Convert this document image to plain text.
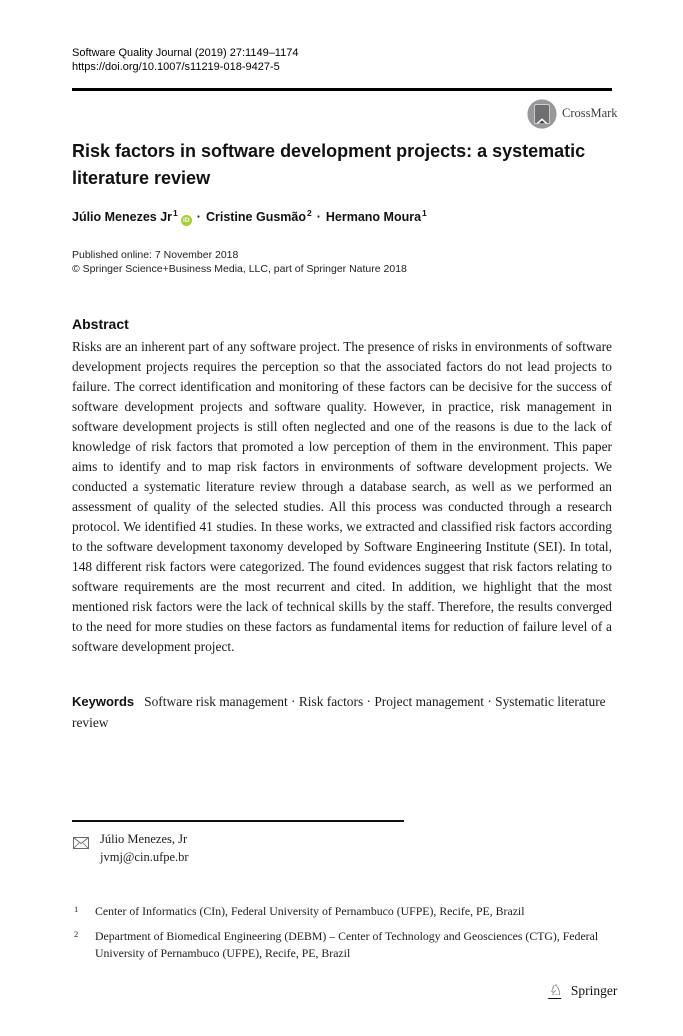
Software Quality Journal (2019) 27:1149–1174
https://doi.org/10.1007/s11219-018-9427-5
CrossMark
Risk factors in software development projects: a systematic literature review
Júlio Menezes $Jr^1iD$ · Cristine Gusmão$^2$ · Hermano Moura$^1$
Published online: 7 November 2018
© Springer Science+Business Media, LLC, part of Springer Nature 2018
Abstract
Risks are an inherent part of any software project. The presence of risks in environments of software development projects requires the perception so that the associated factors do not lead projects to failure. The correct identification and monitoring of these factors can be decisive for the success of software development projects and software quality. However, in practice, risk management in software development projects is still often neglected and one of the reasons is due to the lack of knowledge of risk factors that promoted a low perception of them in the environment. This paper aims to identify and to map risk factors in environments of software development projects. We conducted a systematic literature review through a database search, as well as we performed an assessment of quality of the selected studies. All this process was conducted through a research protocol. We identified 41 studies. In these works, we extracted and classified risk factors according to the software development taxonomy developed by Software Engineering Institute (SEI). In total, 148 different risk factors were categorized. The found evidences suggest that risk factors relating to software requirements are the most recurrent and cited. In addition, we highlight that the most mentioned risk factors were the lack of technical skills by the staff. Therefore, the results converged to the need for more studies on these factors as fundamental items for reduction of failure level of a software development project.
Keywords Software risk management · Risk factors · Project management · Systematic literature review
Júlio Menezes, Jr
jvmj@cin.ufpe.br
1 Center of Informatics (CIn), Federal University of Pernambuco (UFPE), Recife, PE, Brazil
2 Department of Biomedical Engineering (DEBM) – Center of Technology and Geosciences (CTG), Federal University of Pernambuco (UFPE), Recife, PE, Brazil
♘ Springer
